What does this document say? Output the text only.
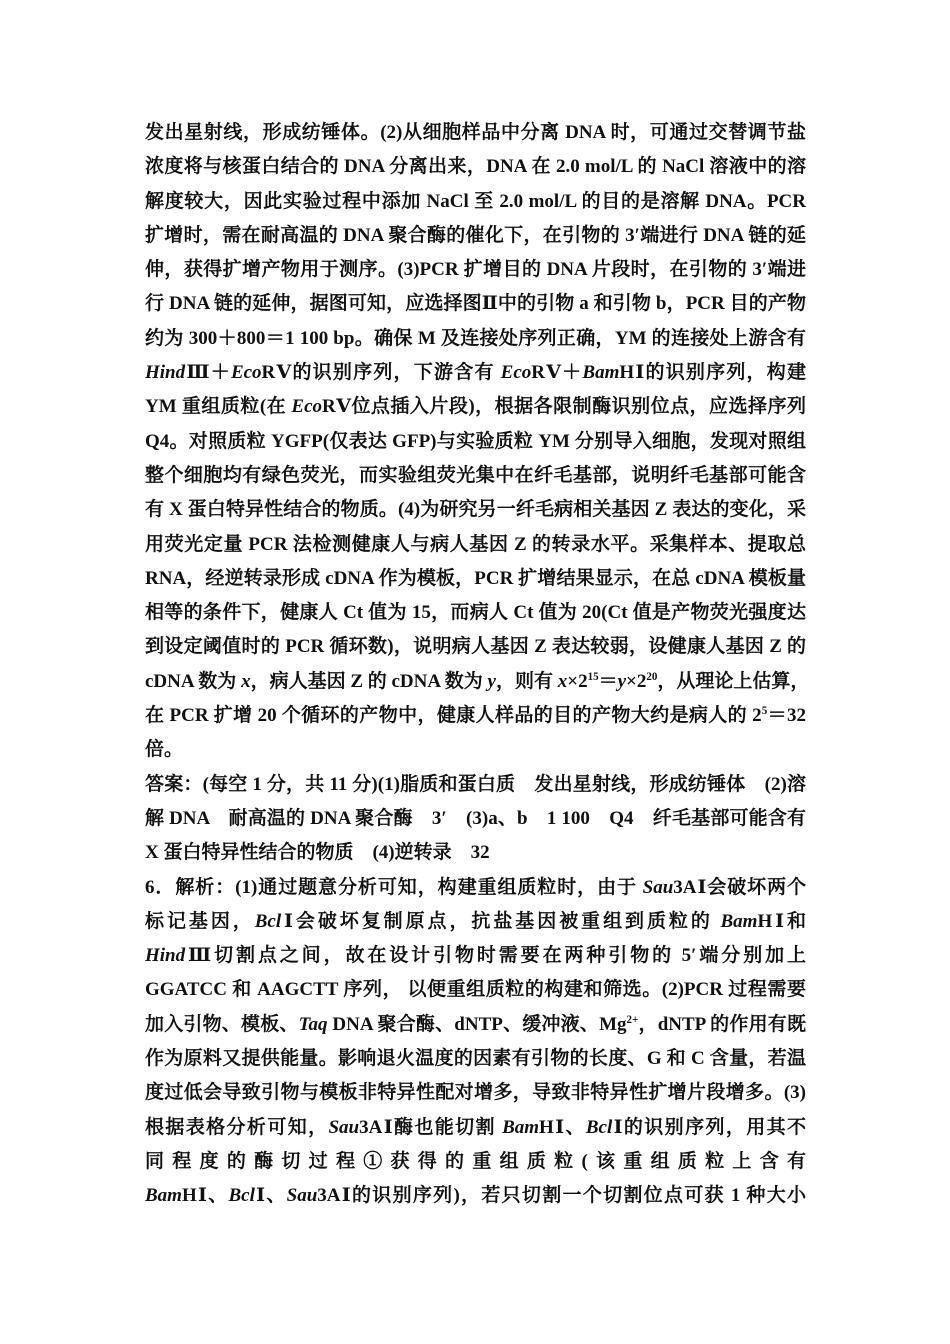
发出星射线，形成纺锤体。(2)从细胞样品中分离 DNA 时，可通过交替调节盐
浓度将与核蛋白结合的 DNA 分离出来，DNA 在 2.0 mol/L 的 NaCl 溶液中的溶
解度较大，因此实验过程中添加 NaCl 至 2.0 mol/L 的目的是溶解 DNA。PCR
扩增时，需在耐高温的 DNA 聚合酶的催化下，在引物的 3′端进行 DNA 链的延
伸，获得扩增产物用于测序。(3)PCR 扩增目的 DNA 片段时，在引物的 3′端进
行 DNA 链的延伸，据图可知，应选择图Ⅱ中的引物 a 和引物 b，PCR 目的产物
约为 300＋800＝1 100 bp。确保 M 及连接处序列正确，YM 的连接处上游含有
HindⅢ＋EcoRⅤ的识别序列，下游含有 EcoRⅤ＋BamHⅠ的识别序列，构建
YM 重组质粒(在 EcoRⅤ位点插入片段)，根据各限制酶识别位点，应选择序列
Q4。对照质粒 YGFP(仅表达 GFP)与实验质粒 YM 分别导入细胞，发现对照组
整个细胞均有绿色荧光，而实验组荧光集中在纤毛基部，说明纤毛基部可能含
有 X 蛋白特异性结合的物质。(4)为研究另一纤毛病相关基因 Z 表达的变化，采
用荧光定量 PCR 法检测健康人与病人基因 Z 的转录水平。采集样本、提取总
RNA，经逆转录形成 cDNA 作为模板，PCR 扩增结果显示，在总 cDNA 模板量
相等的条件下，健康人 Ct 值为 15，而病人 Ct 值为 20(Ct 值是产物荧光强度达
到设定阈值时的 PCR 循环数)，说明病人基因 Z 表达较弱，设健康人基因 Z 的
cDNA 数为 x，病人基因 Z 的 cDNA 数为 y，则有 $x\times 2^{15}=y\times 2^{20}$，从理论上估算，
在 PCR 扩增 20 个循环的产物中，健康人样品的目的产物大约是病人的 $2^5=32$
倍。
答案：(每空 1 分，共 11 分)(1)脂质和蛋白质　发出星射线，形成纺锤体　(2)溶
解 DNA　耐高温的 DNA 聚合酶　3′　(3)a、b　1 100　Q4　纤毛基部可能含有
X 蛋白特异性结合的物质　(4)逆转录　32
6．解析：(1)通过题意分析可知，构建重组质粒时，由于 Sau3AⅠ会破坏两个
标记基因，BclⅠ会破坏复制原点，抗盐基因被重组到质粒的 BamHⅠ和
HindⅢ切割点之间，故在设计引物时需要在两种引物的 5′端分别加上
GGATCC 和 AAGCTT 序列， 以便重组质粒的构建和筛选。(2)PCR 过程需要
加入引物、模板、Taq DNA 聚合酶、dNTP、缓冲液、$Mg^{2+}$，dNTP 的作用有既
作为原料又提供能量。影响退火温度的因素有引物的长度、G 和 C 含量，若温
度过低会导致引物与模板非特异性配对增多，导致非特异性扩增片段增多。(3)
根据表格分析可知，Sau3AⅠ酶也能切割 BamHⅠ、BclⅠ的识别序列，用其不
同程度的酶切过程①获得的重组质粒(该重组质粒上含有
BamHⅠ、BclⅠ、Sau3AⅠ的识别序列)，若只切割一个切割位点可获 1 种大小
